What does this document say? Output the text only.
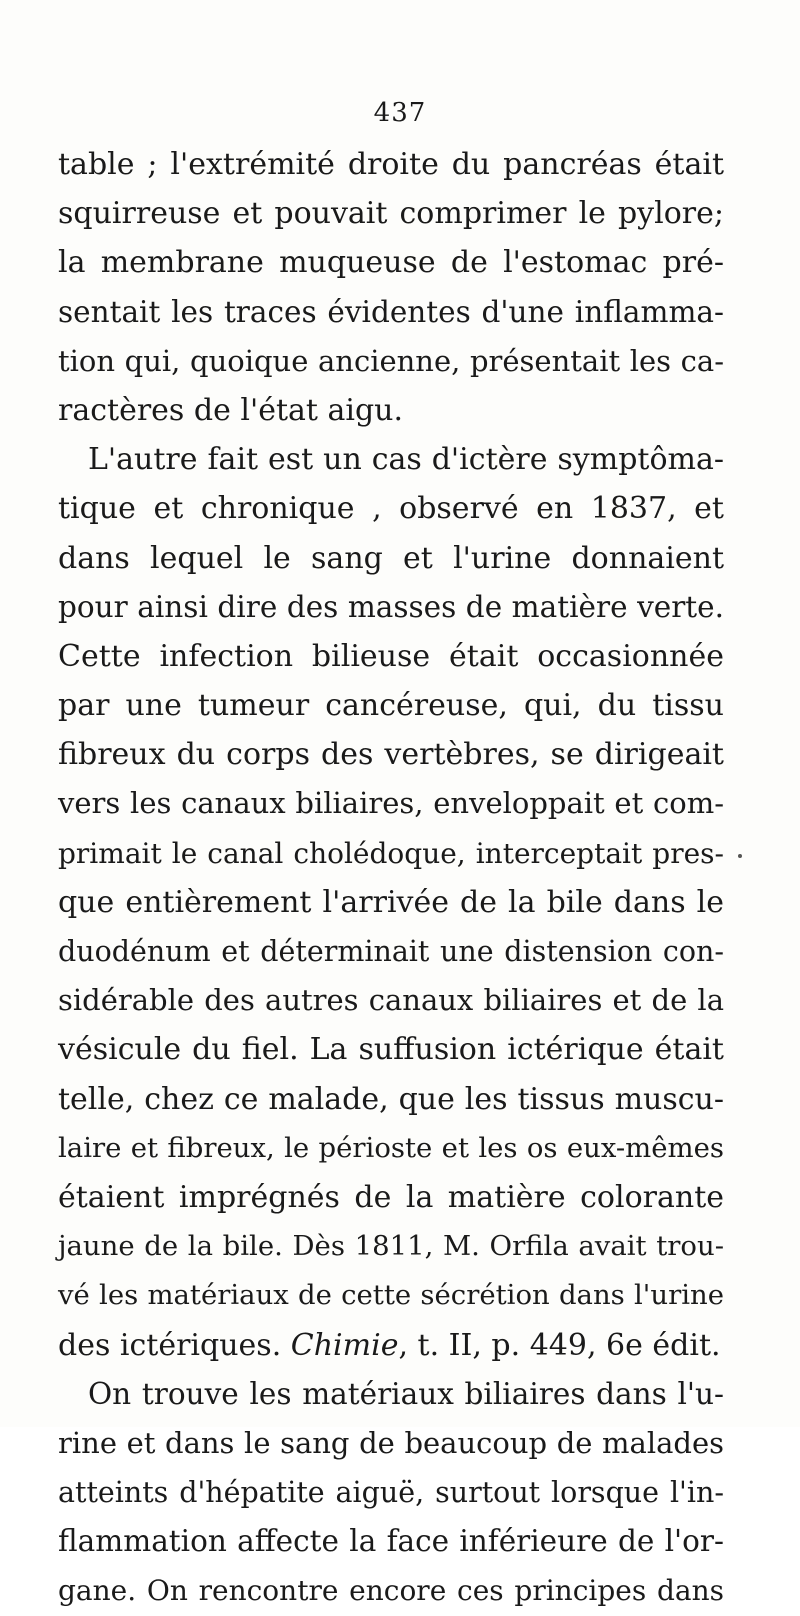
437
table ; l'extrémité droite du pancréas était
squirreuse et pouvait comprimer le pylore;
la membrane muqueuse de l'estomac pré-
sentait les traces évidentes d'une inflamma-
tion qui, quoique ancienne, présentait les ca-
ractères de l'état aigu.
L'autre fait est un cas d'ictère symptôma-
tique et chronique , observé en 1837, et
dans lequel le sang et l'urine donnaient
pour ainsi dire des masses de matière verte.
Cette infection bilieuse était occasionnée
par une tumeur cancéreuse, qui, du tissu
fibreux du corps des vertèbres, se dirigeait
vers les canaux biliaires, enveloppait et com-
primait le canal cholédoque, interceptait pres-
que entièrement l'arrivée de la bile dans le
duodénum et déterminait une distension con-
sidérable des autres canaux biliaires et de la
vésicule du fiel. La suffusion ictérique était
telle, chez ce malade, que les tissus muscu-
laire et fibreux, le périoste et les os eux-mêmes
étaient imprégnés de la matière colorante
jaune de la bile. Dès 1811, M. Orfila avait trou-
vé les matériaux de cette sécrétion dans l'urine
des ictériques. Chimie, t. II, p. 449, 6e édit.
On trouve les matériaux biliaires dans l'u-
rine et dans le sang de beaucoup de malades
atteints d'hépatite aiguë, surtout lorsque l'in-
flammation affecte la face inférieure de l'or-
gane. On rencontre encore ces principes dans
